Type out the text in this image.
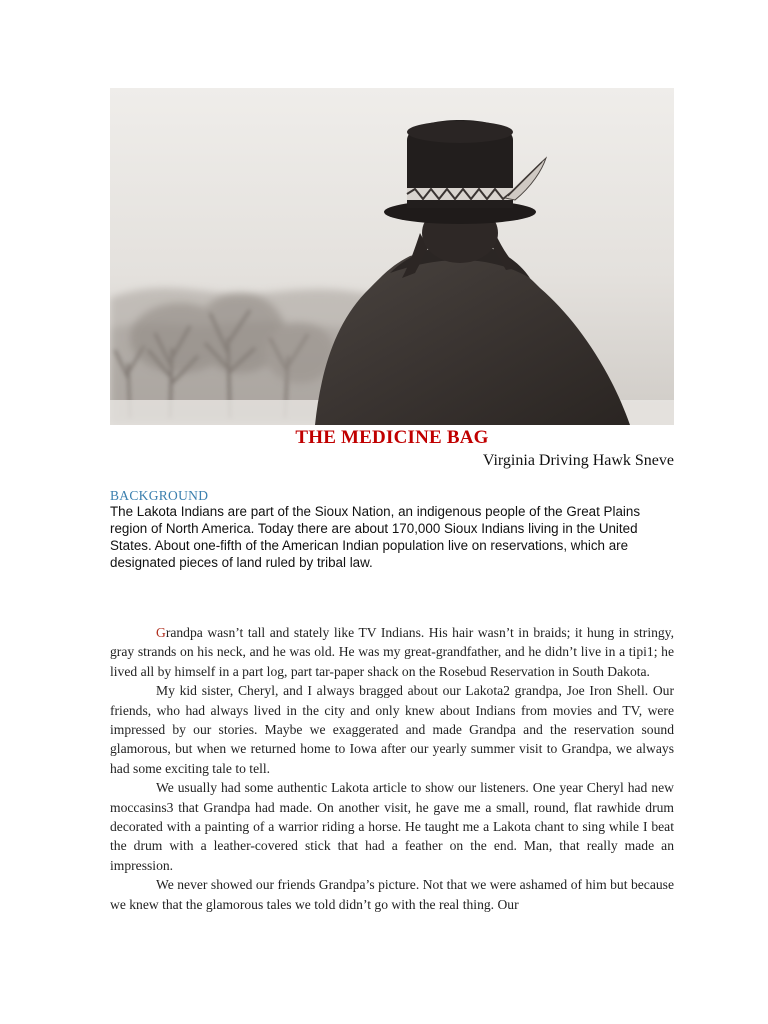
THE MEDICINE BAG
Virginia Driving Hawk Sneve
BACKGROUND

The Lakota Indians are part of the Sioux Nation, an indigenous people of the Great Plains region of North America. Today there are about 170,000 Sioux Indians living in the United States. About one-fifth of the American Indian population live on reservations, which are designated pieces of land ruled by tribal law.

Grandpa wasn’t tall and stately like TV Indians. His hair wasn’t in braids; it hung in stringy, gray strands on his neck, and he was old. He was my great-grandfather, and he didn’t live in a tipi1; he lived all by himself in a part log, part tar-paper shack on the Rosebud Reservation in South Dakota.

My kid sister, Cheryl, and I always bragged about our Lakota2 grandpa, Joe Iron Shell. Our friends, who had always lived in the city and only knew about Indians from movies and TV, were impressed by our stories. Maybe we exaggerated and made Grandpa and the reservation sound glamorous, but when we returned home to Iowa after our yearly summer visit to Grandpa, we always had some exciting tale to tell.

We usually had some authentic Lakota article to show our listeners. One year Cheryl had new moccasins3 that Grandpa had made. On another visit, he gave me a small, round, flat rawhide drum decorated with a painting of a warrior riding a horse. He taught me a Lakota chant to sing while I beat the drum with a leather-covered stick that had a feather on the end. Man, that really made an impression.

We never showed our friends Grandpa’s picture. Not that we were ashamed of him but because we knew that the glamorous tales we told didn’t go with the real thing. Our
